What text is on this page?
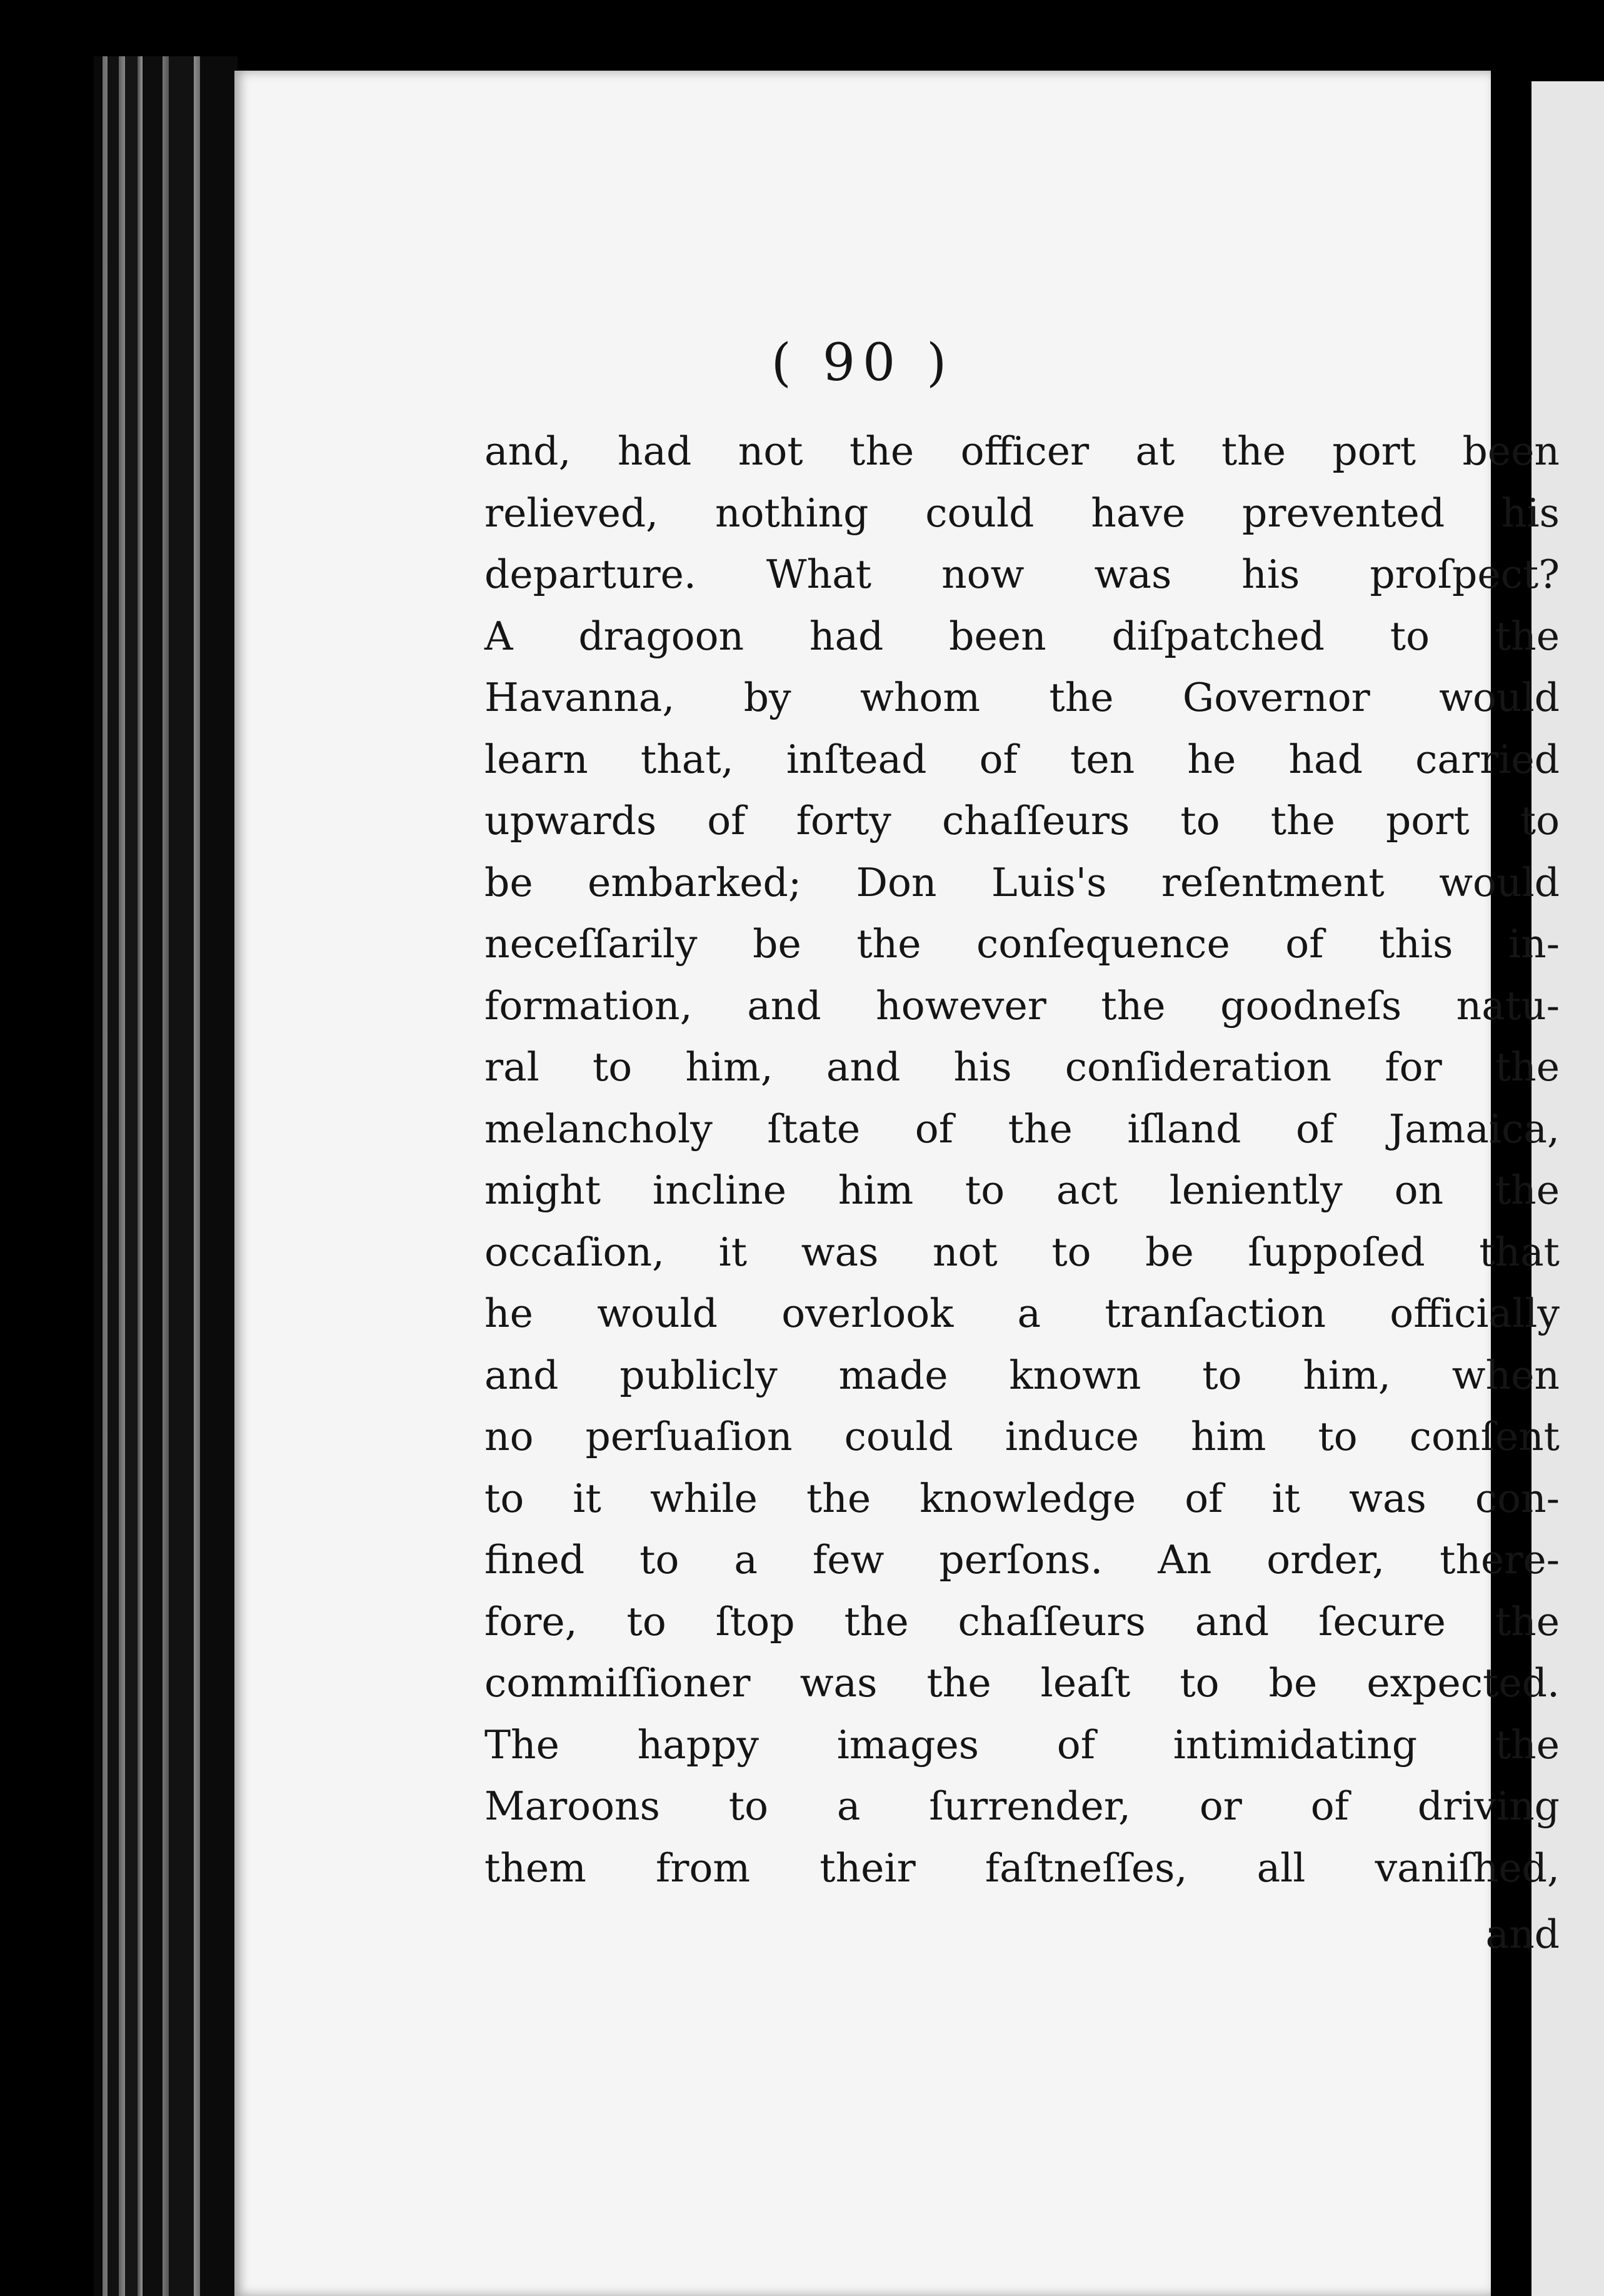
( 90 )
and, had not the officer at the port been
relieved, nothing could have prevented his
departure. What now was his proſpect?
A dragoon had been diſpatched to the
Havanna, by whom the Governor would
learn that, inſtead of ten he had carried
upwards of forty chaſſeurs to the port to
be embarked; Don Luis's reſentment would
neceſſarily be the conſequence of this in-
formation, and however the goodneſs natu-
ral to him, and his conſideration for the
melancholy ſtate of the iſland of Jamaica,
might incline him to act leniently on the
occaſion, it was not to be ſuppoſed that
he would overlook a tranſaction officially
and publicly made known to him, when
no perſuaſion could induce him to conſent
to it while the knowledge of it was con-
fined to a few perſons. An order, there-
fore, to ſtop the chaſſeurs and ſecure the
commiſſioner was the leaſt to be expected.
The happy images of intimidating the
Maroons to a ſurrender, or of driving
them from their faſtneſſes, all vaniſhed,
and
